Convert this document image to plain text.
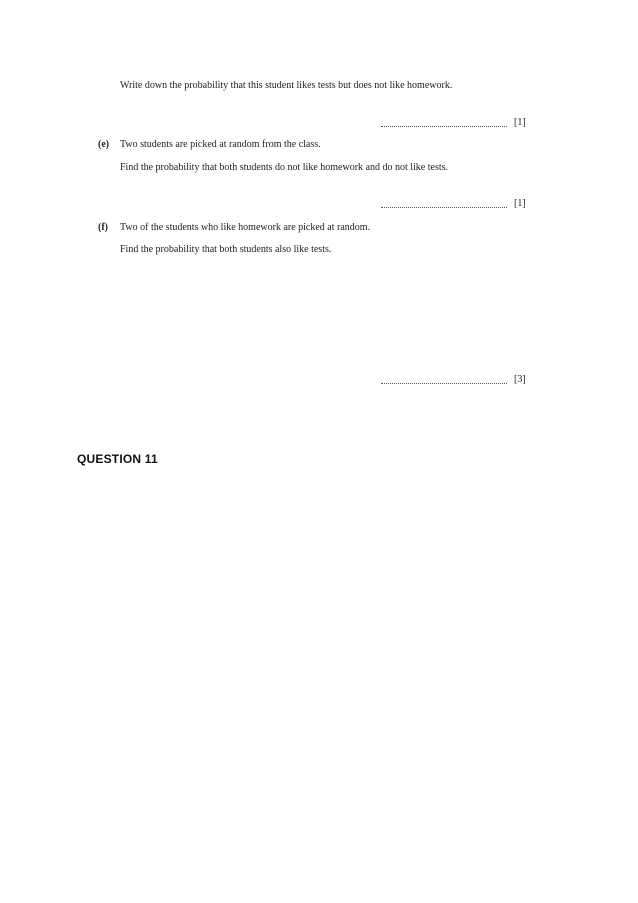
Write down the probability that this student likes tests but does not like homework.
[1]
(e) Two students are picked at random from the class.
Find the probability that both students do not like homework and do not like tests.
[1]
(f) Two of the students who like homework are picked at random.
Find the probability that both students also like tests.
[3]
QUESTION 11
